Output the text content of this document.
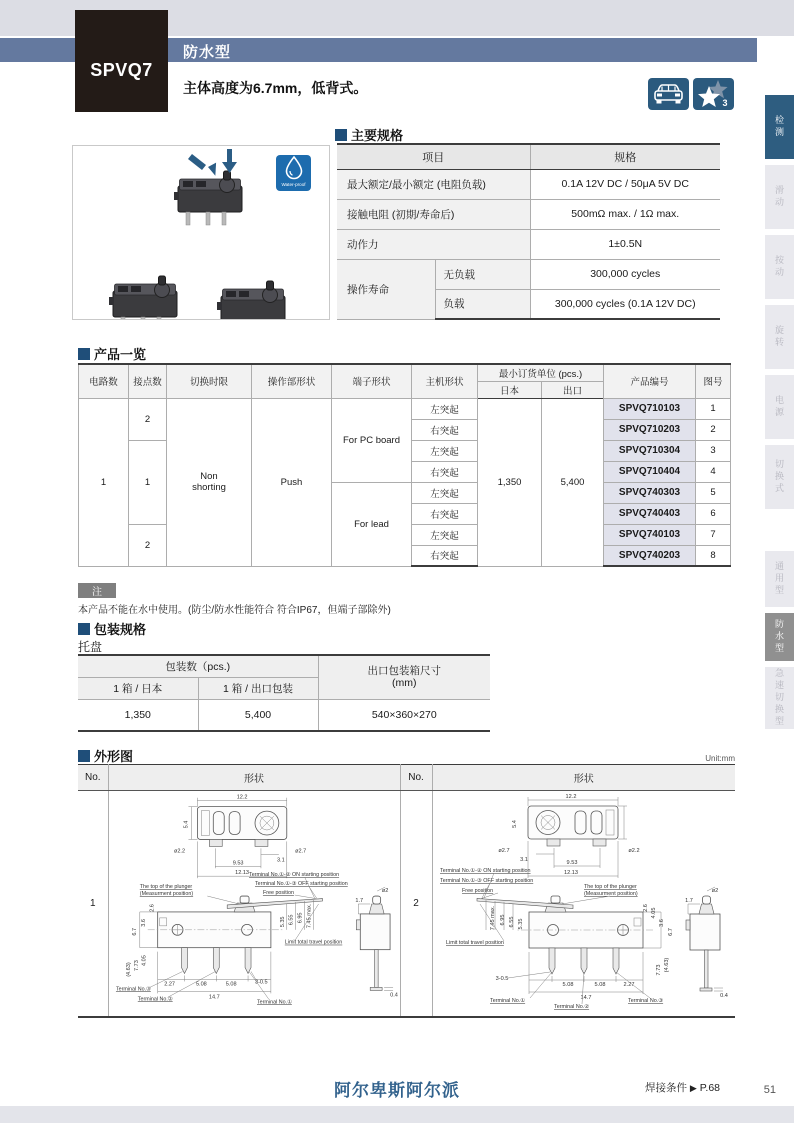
防水型
SPVQ7
主体高度为6.7mm，低背式。
3
检测
滑动
按动
旋转
电源
切换式
通用型
防水型
急速切换型
Water-proof
主要规格
项目		规格
最大额定/最小额定 (电阻负载)		0.1A 12V DC / 50μA 5V DC
接触电阻 (初期/寿命后)		500mΩ max. / 1Ω max.
动作力		1±0.5N
操作寿命	无负载	300,000 cycles
	负载	300,000 cycles (0.1A 12V DC)
产品一览
电路数	接点数	切换时限	操作部形状	端子形状	主机形状	最小订货单位 (pcs.)		产品编号	图号
						日本	出口		
1	2	Non shorting	Push	For PC board	左突起	1,350	5,400	SPVQ710103	1
					右突起			SPVQ710203	2
	1				左突起			SPVQ710304	3
					右突起			SPVQ710404	4
				For lead	左突起			SPVQ740303	5
					右突起			SPVQ740403	6
	2				左突起			SPVQ740103	7
					右突起			SPVQ740203	8
注
本产品不能在水中使用。(防尘/防水性能符合 符合IP67，但端子部除外)
包装规格
托盘
包装数（pcs.)		出口包装箱尺寸
(mm)

1 箱 / 日本	1 箱 / 出口包装	
1,350	5,400	540×360×270
外形图	Unit:mm
No.	形状	No.	形状
1	
12.2
5.4
ø2.2	ø2.7
3.1
9.53
12.13
2.6
3.6
6.7
(4.63) 7.73 4.05
2.27	5.08	5.08
14.7
5.35 6.55 6.95 7.45 max.
ø2
1.7
0.4
3-0.5
The top of the plunger
(Measurment position)
Terminal No.①-② ON starting position
Terminal No.①-③ OFF starting position
Free position
Limit total travel position
Terminal No.③
Terminal No.②	Terminal No.①
	2	
12.2
5.4
ø2.7
3.1
ø2.2
9.53
12.13
2.6 4.05
3.6
6.7
7.73 (4.63)
2.27
5.08	5.08
14.7
3-0.5
5.35
6.55
6.95
7.45 max.
ø2
1.7
0.4
Terminal No.①-② ON starting position
Terminal No.①-③ OFF starting position
Free position
Limit total travel position
The top of the plunger
(Measurment position)
Terminal No.①
Terminal No.②
Terminal No.③
阿尔卑斯阿尔派	焊接条件 ▶ P.68	51
